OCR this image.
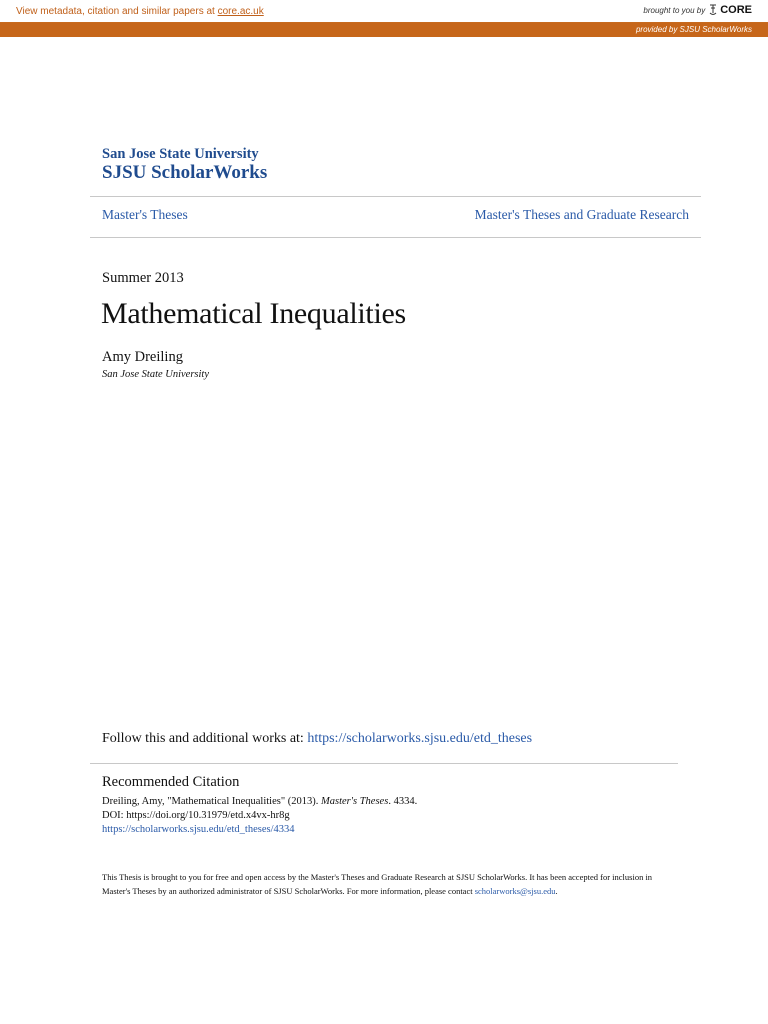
View metadata, citation and similar papers at core.ac.uk	brought to you by CORE
provided by SJSU ScholarWorks
San Jose State University
SJSU ScholarWorks
Master's Theses	Master's Theses and Graduate Research
Summer 2013
Mathematical Inequalities
Amy Dreiling
San Jose State University
Follow this and additional works at: https://scholarworks.sjsu.edu/etd_theses
Recommended Citation
Dreiling, Amy, "Mathematical Inequalities" (2013). Master's Theses. 4334.
DOI: https://doi.org/10.31979/etd.x4vx-hr8g
https://scholarworks.sjsu.edu/etd_theses/4334
This Thesis is brought to you for free and open access by the Master's Theses and Graduate Research at SJSU ScholarWorks. It has been accepted for inclusion in Master's Theses by an authorized administrator of SJSU ScholarWorks. For more information, please contact scholarworks@sjsu.edu.
